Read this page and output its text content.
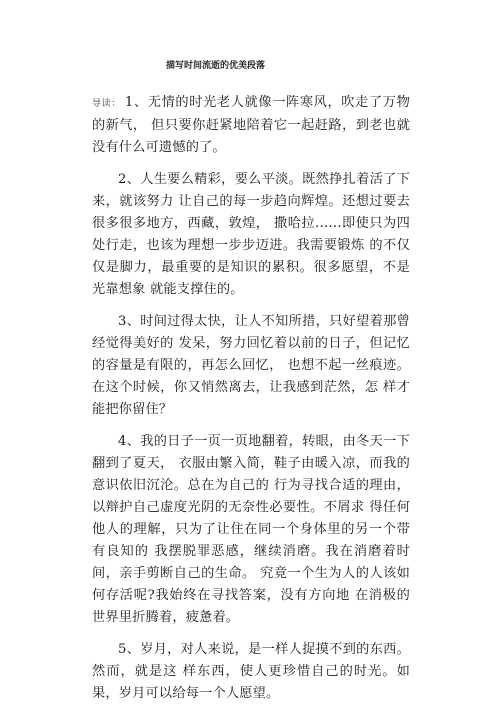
描写时间流逝的优美段落

导读： 1、无情的时光老人就像一阵寒风，吹走了万物的新气， 但只要你赶紧地陪着它一起赶路，到老也就没有什么可遗憾的了。

2、人生要么精彩，要么平淡。既然挣扎着活了下来，就该努力 让自己的每一步趋向辉煌。还想过要去很多很多地方，西藏，敦煌， 撒哈拉……即使只为四处行走，也该为理想一步步迈进。我需要锻炼 的不仅仅是脚力，最重要的是知识的累积。很多愿望，不是光靠想象 就能支撑住的。

3、时间过得太快，让人不知所措，只好望着那曾经觉得美好的 发呆，努力回忆着以前的日子，但记忆的容量是有限的，再怎么回忆， 也想不起一丝痕迹。在这个时候，你又悄然离去，让我感到茫然，怎 样才能把你留住？

4、我的日子一页一页地翻着，转眼，由冬天一下翻到了夏天， 衣服由繁入简，鞋子由暖入凉，而我的意识依旧沉沦。总在为自己的 行为寻找合适的理由，以辩护自己虚度光阴的无奈性必要性。不屑求 得任何他人的理解，只为了让住在同一个身体里的另一个带有良知的 我摆脱罪恶感，继续消磨。我在消磨着时间，亲手剪断自己的生命。 究竟一个生为人的人该如何存活呢?我始终在寻找答案，没有方向地 在消极的世界里折腾着，疲惫着。

5、岁月，对人来说，是一样人捉摸不到的东西。然而，就是这 样东西，使人更珍惜自己的时光。如果，岁月可以给每一个人愿望。
